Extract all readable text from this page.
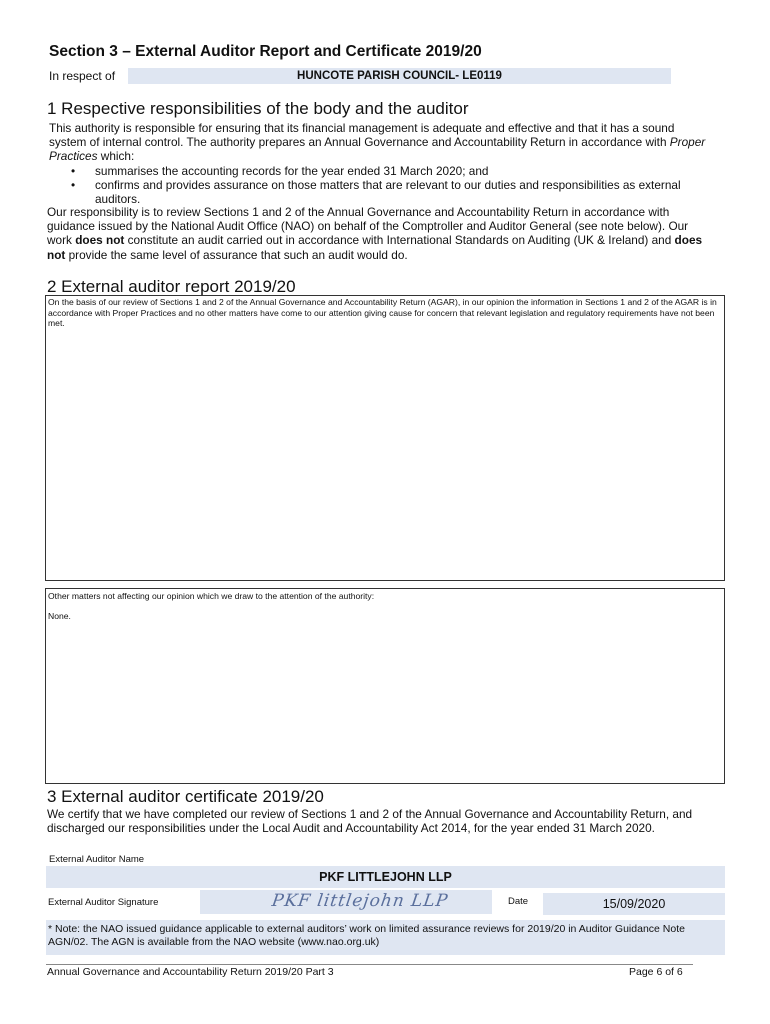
Section 3 – External Auditor Report and Certificate 2019/20
In respect of	HUNCOTE PARISH COUNCIL- LE0119
1 Respective responsibilities of the body and the auditor

This authority is responsible for ensuring that its financial management is adequate and effective and that it has a sound system of internal control. The authority prepares an Annual Governance and Accountability Return in accordance with Proper Practices which:

• summarises the accounting records for the year ended 31 March 2020; and
• confirms and provides assurance on those matters that are relevant to our duties and responsibilities as external auditors.

Our responsibility is to review Sections 1 and 2 of the Annual Governance and Accountability Return in accordance with guidance issued by the National Audit Office (NAO) on behalf of the Comptroller and Auditor General (see note below). Our work does not constitute an audit carried out in accordance with International Standards on Auditing (UK & Ireland) and does not provide the same level of assurance that such an audit would do.

2 External auditor report 2019/20
On the basis of our review of Sections 1 and 2 of the Annual Governance and Accountability Return (AGAR), in our opinion the information in Sections 1 and 2 of the AGAR is in accordance with Proper Practices and no other matters have come to our attention giving cause for concern that relevant legislation and regulatory requirements have not been met.
Other matters not affecting our opinion which we draw to the attention of the authority:
None.
3 External auditor certificate 2019/20
We certify that we have completed our review of Sections 1 and 2 of the Annual Governance and Accountability Return, and discharged our responsibilities under the Local Audit and Accountability Act 2014, for the year ended 31 March 2020.
External Auditor Name
PKF LITTLEJOHN LLP
External Auditor Signature	PKF littlejohn LLP	Date	15/09/2020
* Note: the NAO issued guidance applicable to external auditors’ work on limited assurance reviews for 2019/20 in Auditor Guidance Note AGN/02. The AGN is available from the NAO website (www.nao.org.uk)
Annual Governance and Accountability Return 2019/20 Part 3	Page 6 of 6
